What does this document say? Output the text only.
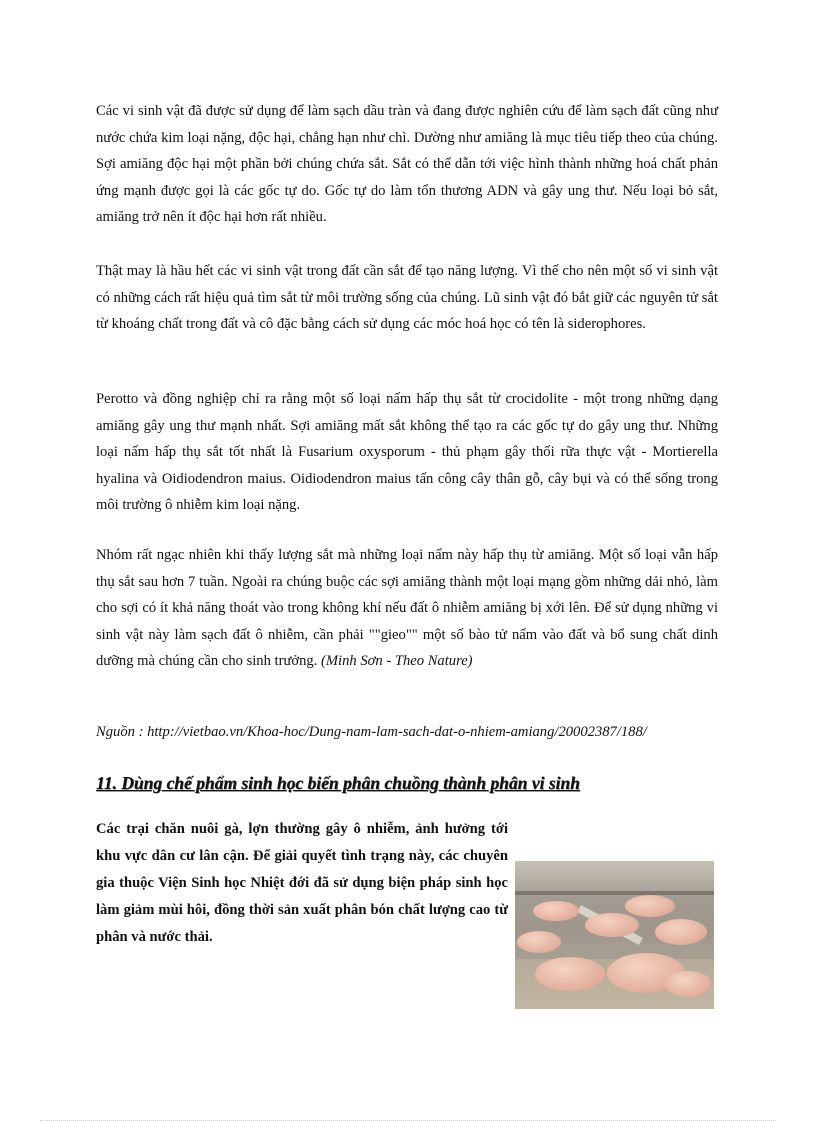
Các vi sinh vật đã được sử dụng để làm sạch dầu tràn và đang được nghiên cứu để làm sạch đất cũng như nước chứa kim loại nặng, độc hại, chẳng hạn như chì. Dường như amiăng là mục tiêu tiếp theo của chúng. Sợi amiăng độc hại một phần bởi chúng chứa sắt. Sắt có thể dẫn tới việc hình thành những hoá chất phản ứng mạnh được gọi là các gốc tự do. Gốc tự do làm tổn thương ADN và gây ung thư. Nếu loại bỏ sắt, amiăng trở nên ít độc hại hơn rất nhiều.

Thật may là hầu hết các vi sinh vật trong đất cần sắt để tạo năng lượng. Vì thế cho nên một số vi sinh vật có những cách rất hiệu quả tìm sắt từ môi trường sống của chúng. Lũ sinh vật đó bắt giữ các nguyên tử sắt từ khoáng chất trong đất và cô đặc bằng cách sử dụng các móc hoá học có tên là siderophores.

Perotto và đồng nghiệp chỉ ra rằng một số loại nấm hấp thụ sắt từ crocidolite - một trong những dạng amiăng gây ung thư mạnh nhất. Sợi amiăng mất sắt không thể tạo ra các gốc tự do gây ung thư. Những loại nấm hấp thụ sắt tốt nhất là Fusarium oxysporum - thủ phạm gây thối rữa thực vật - Mortierella hyalina và Oidiodendron maius. Oidiodendron maius tấn công cây thân gỗ, cây bụi và có thể sống trong môi trường ô nhiễm kim loại nặng.

Nhóm rất ngạc nhiên khi thấy lượng sắt mà những loại nấm này hấp thụ từ amiăng. Một số loại vẫn hấp thụ sắt sau hơn 7 tuần. Ngoài ra chúng buộc các sợi amiăng thành một loại mạng gồm những dải nhỏ, làm cho sợi có ít khả năng thoát vào trong không khí nếu đất ô nhiễm amiăng bị xới lên. Để sử dụng những vi sinh vật này làm sạch đất ô nhiễm, cần phải ""gieo"" một số bào tử nấm vào đất và bổ sung chất dinh dưỡng mà chúng cần cho sinh trưởng. (Minh Sơn - Theo Nature)

Nguồn : http://vietbao.vn/Khoa-hoc/Dung-nam-lam-sach-dat-o-nhiem-amiang/20002387/188/

11. Dùng chế phẩm sinh học biến phân chuồng thành phân vi sinh

Các trại chăn nuôi gà, lợn thường gây ô nhiễm, ảnh hưởng tới khu vực dân cư lân cận. Để giải quyết tình trạng này, các chuyên gia thuộc Viện Sinh học Nhiệt đới đã sử dụng biện pháp sinh học làm giảm mùi hôi, đồng thời sản xuất phân bón chất lượng cao từ phân và nước thải.
